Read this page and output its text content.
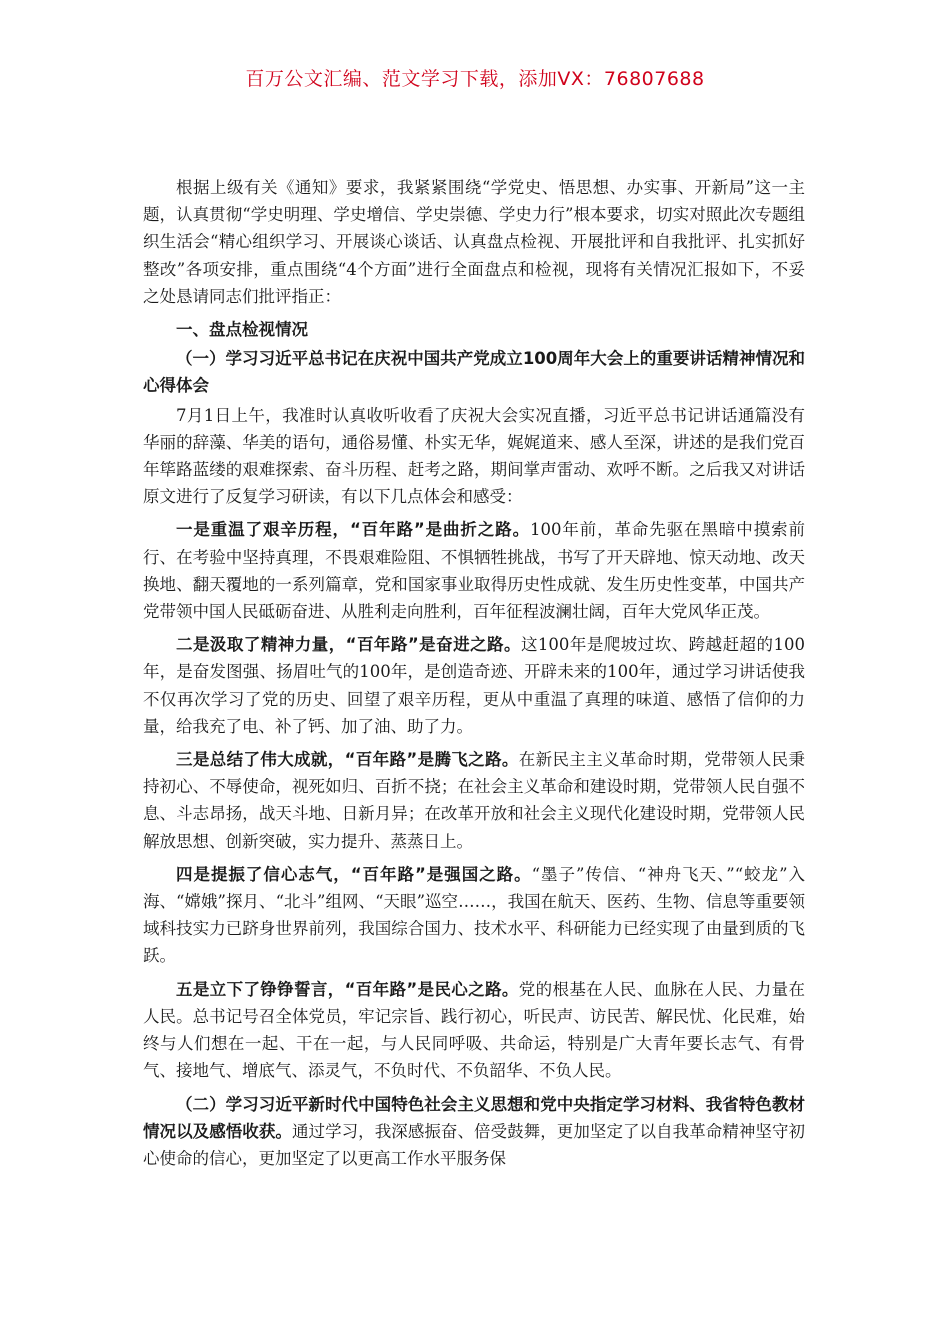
百万公文汇编、范文学习下载，添加VX：76807688

根据上级有关《通知》要求，我紧紧围绕“学党史、悟思想、办实事、开新局”这一主题，认真贯彻“学史明理、学史增信、学史崇德、学史力行”根本要求，切实对照此次专题组织生活会“精心组织学习、开展谈心谈话、认真盘点检视、开展批评和自我批评、扎实抓好整改”各项安排，重点围绕“4个方面”进行全面盘点和检视，现将有关情况汇报如下，不妥之处恳请同志们批评指正：

一、盘点检视情况

（一）学习习近平总书记在庆祝中国共产党成立100周年大会上的重要讲话精神情况和心得体会

7月1日上午，我准时认真收听收看了庆祝大会实况直播，习近平总书记讲话通篇没有华丽的辞藻、华美的语句，通俗易懂、朴实无华，娓娓道来、感人至深，讲述的是我们党百年筚路蓝缕的艰难探索、奋斗历程、赶考之路，期间掌声雷动、欢呼不断。之后我又对讲话原文进行了反复学习研读，有以下几点体会和感受：

一是重温了艰辛历程，“百年路”是曲折之路。100年前，革命先驱在黑暗中摸索前行、在考验中坚持真理，不畏艰难险阻、不惧牺牲挑战，书写了开天辟地、惊天动地、改天换地、翻天覆地的一系列篇章，党和国家事业取得历史性成就、发生历史性变革，中国共产党带领中国人民砥砺奋进、从胜利走向胜利，百年征程波澜壮阔，百年大党风华正茂。

二是汲取了精神力量，“百年路”是奋进之路。这100年是爬坡过坎、跨越赶超的100年，是奋发图强、扬眉吐气的100年，是创造奇迹、开辟未来的100年，通过学习讲话使我不仅再次学习了党的历史、回望了艰辛历程，更从中重温了真理的味道、感悟了信仰的力量，给我充了电、补了钙、加了油、助了力。

三是总结了伟大成就，“百年路”是腾飞之路。在新民主主义革命时期，党带领人民秉持初心、不辱使命，视死如归、百折不挠；在社会主义革命和建设时期，党带领人民自强不息、斗志昂扬，战天斗地、日新月异；在改革开放和社会主义现代化建设时期，党带领人民解放思想、创新突破，实力提升、蒸蒸日上。

四是提振了信心志气，“百年路”是强国之路。“墨子”传信、“神舟飞天、”“蛟龙”入海、“嫦娥”探月、“北斗”组网、“天眼”巡空……，我国在航天、医药、生物、信息等重要领域科技实力已跻身世界前列，我国综合国力、技术水平、科研能力已经实现了由量到质的飞跃。

五是立下了铮铮誓言，“百年路”是民心之路。党的根基在人民、血脉在人民、力量在人民。总书记号召全体党员，牢记宗旨、践行初心，听民声、访民苦、解民忧、化民难，始终与人们想在一起、干在一起，与人民同呼吸、共命运，特别是广大青年要长志气、有骨气、接地气、增底气、添灵气，不负时代、不负韶华、不负人民。

（二）学习习近平新时代中国特色社会主义思想和党中央指定学习材料、我省特色教材情况以及感悟收获。通过学习，我深感振奋、倍受鼓舞，更加坚定了以自我革命精神坚守初心使命的信心，更加坚定了以更高工作水平服务保
